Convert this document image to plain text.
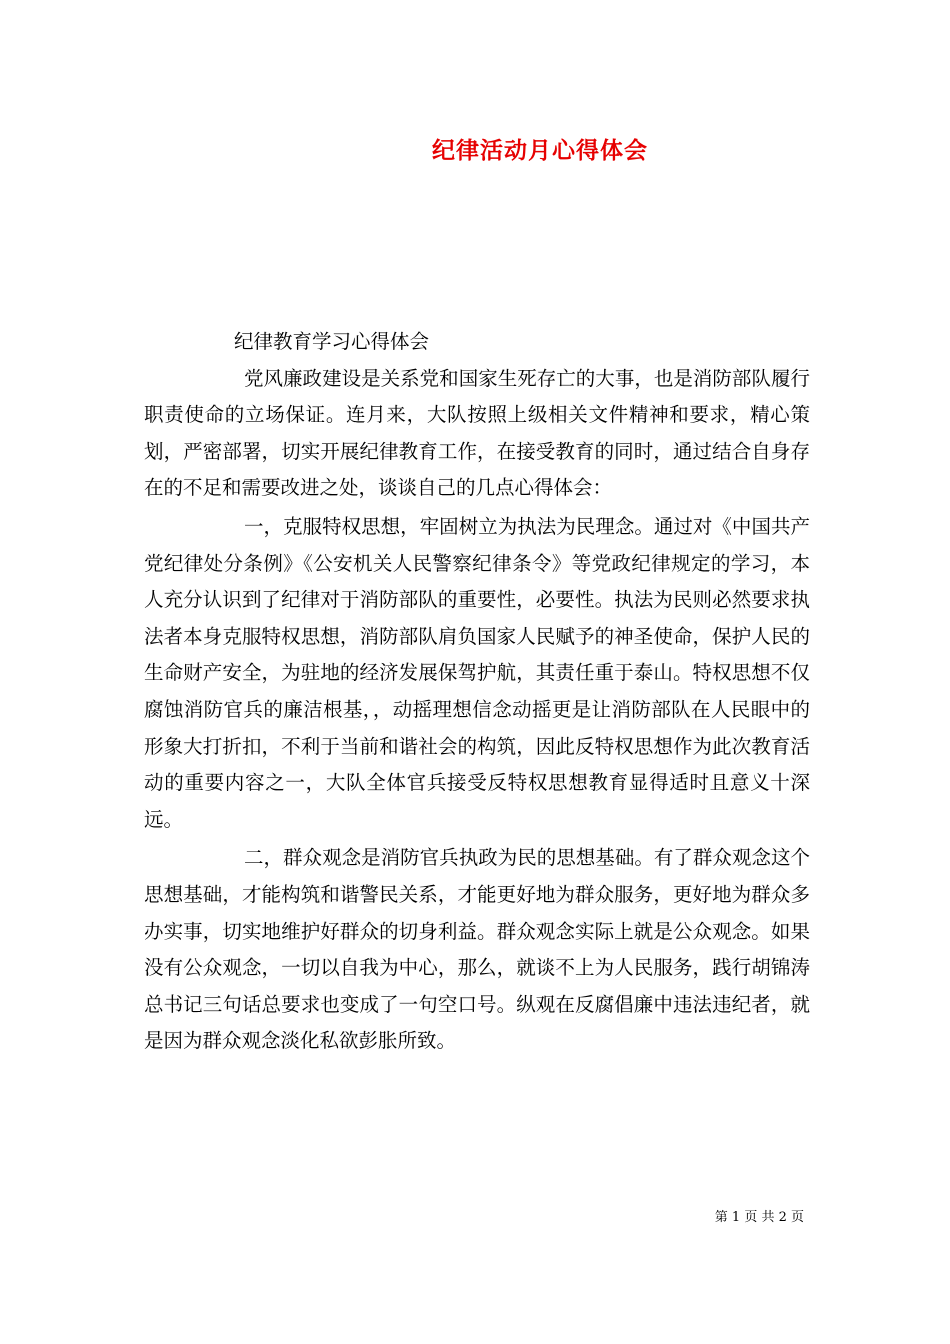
纪律活动月心得体会

纪律教育学习心得体会

党风廉政建设是关系党和国家生死存亡的大事，也是消防部队履行职责使命的立场保证。连月来，大队按照上级相关文件精神和要求，精心策划，严密部署，切实开展纪律教育工作，在接受教育的同时，通过结合自身存在的不足和需要改进之处，谈谈自己的几点心得体会：

一，克服特权思想，牢固树立为执法为民理念。通过对《中国共产党纪律处分条例》《公安机关人民警察纪律条令》等党政纪律规定的学习，本人充分认识到了纪律对于消防部队的重要性，必要性。执法为民则必然要求执法者本身克服特权思想，消防部队肩负国家人民赋予的神圣使命，保护人民的生命财产安全，为驻地的经济发展保驾护航，其责任重于泰山。特权思想不仅腐蚀消防官兵的廉洁根基，，动摇理想信念动摇更是让消防部队在人民眼中的形象大打折扣，不利于当前和谐社会的构筑，因此反特权思想作为此次教育活动的重要内容之一，大队全体官兵接受反特权思想教育显得适时且意义十深远。

二，群众观念是消防官兵执政为民的思想基础。有了群众观念这个思想基础，才能构筑和谐警民关系，才能更好地为群众服务，更好地为群众多办实事，切实地维护好群众的切身利益。群众观念实际上就是公众观念。如果没有公众观念，一切以自我为中心，那么，就谈不上为人民服务，践行胡锦涛总书记三句话总要求也变成了一句空口号。纵观在反腐倡廉中违法违纪者，就是因为群众观念淡化私欲彭胀所致。

第 1 页 共 2 页
